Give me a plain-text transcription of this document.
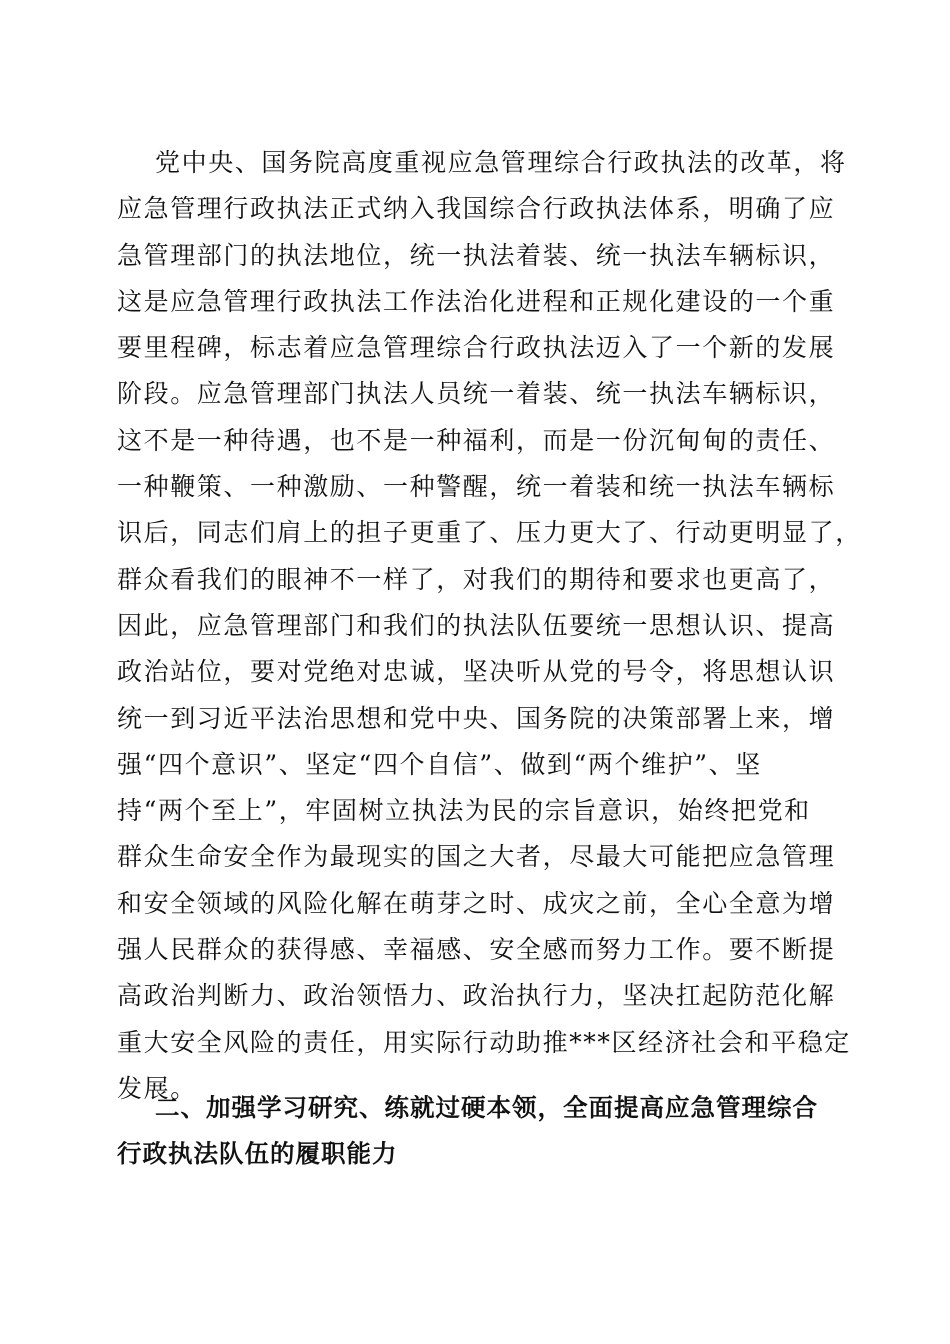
党中央、国务院高度重视应急管理综合行政执法的改革，将
应急管理行政执法正式纳入我国综合行政执法体系，明确了应
急管理部门的执法地位，统一执法着装、统一执法车辆标识，
这是应急管理行政执法工作法治化进程和正规化建设的一个重
要里程碑，标志着应急管理综合行政执法迈入了一个新的发展
阶段。应急管理部门执法人员统一着装、统一执法车辆标识，
这不是一种待遇，也不是一种福利，而是一份沉甸甸的责任、
一种鞭策、一种激励、一种警醒，统一着装和统一执法车辆标
识后，同志们肩上的担子更重了、压力更大了、行动更明显了，
群众看我们的眼神不一样了，对我们的期待和要求也更高了，
因此，应急管理部门和我们的执法队伍要统一思想认识、提高
政治站位，要对党绝对忠诚，坚决听从党的号令，将思想认识
统一到习近平法治思想和党中央、国务院的决策部署上来，增
强“四个意识”、坚定“四个自信”、做到“两个维护”、坚
持“两个至上”，牢固树立执法为民的宗旨意识，始终把党和
群众生命安全作为最现实的国之大者，尽最大可能把应急管理
和安全领域的风险化解在萌芽之时、成灾之前，全心全意为增
强人民群众的获得感、幸福感、安全感而努力工作。要不断提
高政治判断力、政治领悟力、政治执行力，坚决扛起防范化解
重大安全风险的责任，用实际行动助推***区经济社会和平稳定
发展。
二、加强学习研究、练就过硬本领，全面提高应急管理综合
行政执法队伍的履职能力
